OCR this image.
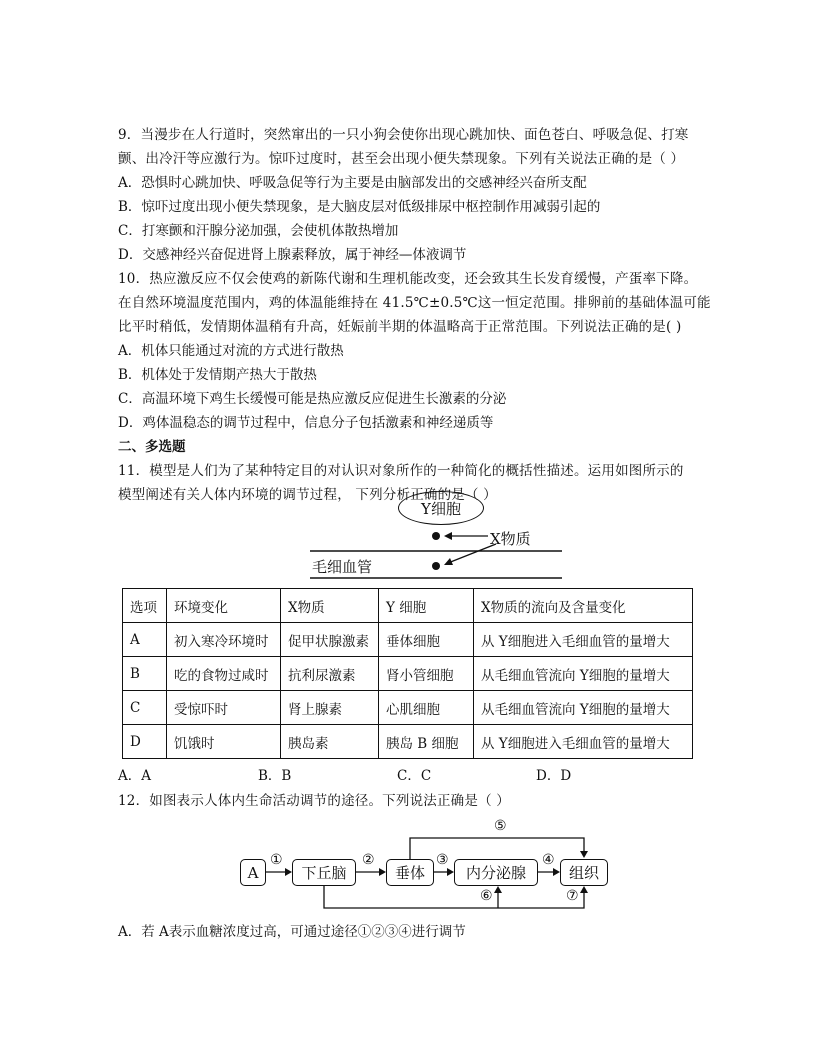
9．当漫步在人行道时，突然窜出的一只小狗会使你出现心跳加快、面色苍白、呼吸急促、打寒
颤、出冷汗等应激行为。惊吓过度时，甚至会出现小便失禁现象。下列有关说法正确的是（ ）
A．恐惧时心跳加快、呼吸急促等行为主要是由脑部发出的交感神经兴奋所支配
B．惊吓过度出现小便失禁现象，是大脑皮层对低级排尿中枢控制作用减弱引起的
C．打寒颤和汗腺分泌加强，会使机体散热增加
D．交感神经兴奋促进肾上腺素释放，属于神经—体液调节
10．热应激反应不仅会使鸡的新陈代谢和生理机能改变，还会致其生长发育缓慢，产蛋率下降。
在自然环境温度范围内，鸡的体温能维持在 41.5℃±0.5℃这一恒定范围。排卵前的基础体温可能
比平时稍低，发情期体温稍有升高，妊娠前半期的体温略高于正常范围。下列说法正确的是( )
A．机体只能通过对流的方式进行散热
B．机体处于发情期产热大于散热
C．高温环境下鸡生长缓慢可能是热应激反应促进生长激素的分泌
D．鸡体温稳态的调节过程中，信息分子包括激素和神经递质等
二、多选题
11．模型是人们为了某种特定目的对认识对象所作的一种简化的概括性描述。运用如图所示的
模型阐述有关人体内环境的调节过程， 下列分析正确的是（ ）
Y细胞
X物质
毛细血管
选项	环境变化	X物质	Y 细胞	X物质的流向及含量变化
A	初入寒冷环境时	促甲状腺激素	垂体细胞	从 Y细胞进入毛细血管的量增大
B	吃的食物过咸时	抗利尿激素	肾小管细胞	从毛细血管流向 Y细胞的量增大
C	受惊吓时	肾上腺素	心肌细胞	从毛细血管流向 Y细胞的量增大
D	饥饿时	胰岛素	胰岛 B 细胞	从 Y细胞进入毛细血管的量增大
A．A	B．B	C．C	D．D
12．如图表示人体内生命活动调节的途径。下列说法正确是（ ）
A	下丘脑	垂体	内分泌腺	组织
①	②	③	④
⑤
⑥	⑦
A．若 A表示血糖浓度过高，可通过途径①②③④进行调节
